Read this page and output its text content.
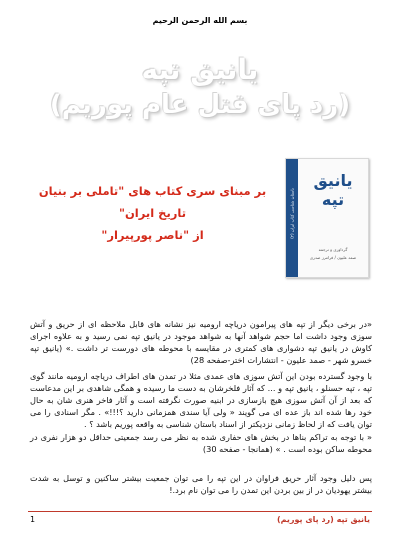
بسم الله الرحمن الرحیم
یانیق تپه
(رد پای قتل عام پوریم)
باستان شناسی کتاب ایران (۲)
یانیق تپه
گرداوری و ترجمه
صمد علیون / فرامرز صدری
بر مبنای سری کتاب های "تاملی بر بنیان تاریخ ایران"
از "ناصر پورپیرار"
«در برخی دیگر از تپه های پیرامون دریاچه ارومیه نیز نشانه های قابل ملاحظه ای از حریق و آتش سوزی وجود داشت اما حجم شواهد آنها به شواهد موجود در یانیق تپه نمی رسید و به علاوه اجرای کاوش در یانیق تپه دشواری های کمتری در مقایسه با محوطه های دورست تر داشت .» (یانیق تپه خسرو شهر - صمد علیون - انتشارات اختر-صفحه 28)
با وجود گسترده بودن این آتش سوزی های عمدی مثلا در تمدن های اطراف دریاچه ارومیه مانند گوی تپه ، تپه حسنلو ، یانیق تپه و ... که آثار فلخرشان به دست ما رسیده و همگی شاهدی بر این مدعاست که بعد از آن آتش سوزی هیچ بازسازی در ابنیه صورت نگرفته است و آثار فاخر هنری شان به حال خود رها شده اند باز عده ای می گویند « ولی آیا سندی همزمانی دارید ؟!!!» . مگر اسنادی را می توان یافت که از لحاظ زمانی نزدیکتر از اسناد باستان شناسی به واقعه پوریم باشد ؟ .
« با توجه به تراکم بناها در بخش های حفاری شده به نظر می رسد جمعیتی حداقل دو هزار نفری در محوطه ساکن بوده است . » (همانجا - صفحه 30)
پس دلیل وجود آثار حریق فراوان در این تپه را می توان جمعیت بیشتر ساکنین و توسل به شدت بیشتر یهودیان در از بین بردن این تمدن را می توان نام برد.!
یانیق تپه (رد پای پوریم)
1
